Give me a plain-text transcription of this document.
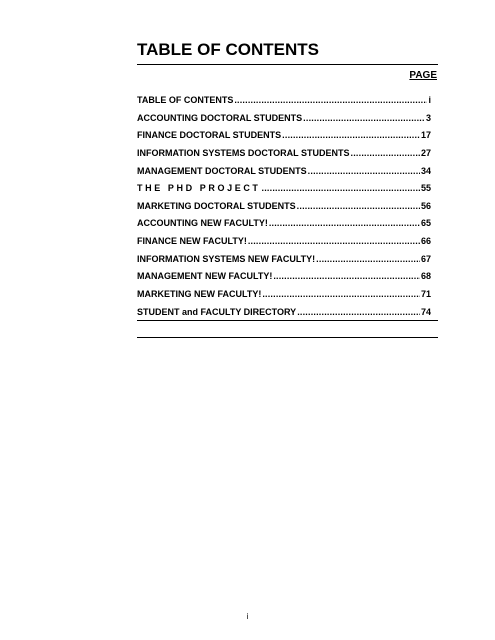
TABLE OF CONTENTS
PAGE
TABLE OF CONTENTS .....	i
ACCOUNTING DOCTORAL STUDENTS .....	3
FINANCE DOCTORAL STUDENTS .....	17
INFORMATION SYSTEMS DOCTORAL STUDENTS .....	27
MANAGEMENT DOCTORAL STUDENTS .....	34
THE PHD PROJECT .....	55
MARKETING DOCTORAL STUDENTS .....	56
ACCOUNTING NEW FACULTY! .....	65
FINANCE NEW FACULTY! .....	66
INFORMATION SYSTEMS NEW FACULTY! .....	67
MANAGEMENT NEW FACULTY! .....	68
MARKETING NEW FACULTY! .....	71
STUDENT and FACULTY DIRECTORY .....	74
i
